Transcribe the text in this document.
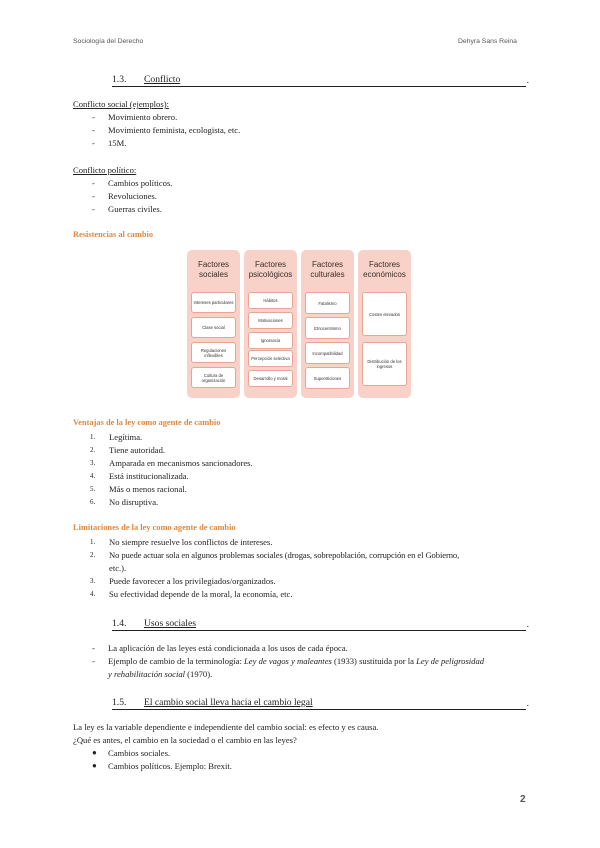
Sociología del Derecho	Dehyra Sans Reina
1.3. Conflicto	.
Conflicto social (ejemplos):
-	Movimiento obrero.
-	Movimiento feminista, ecologista, etc.
-	15M.
Conflicto político:
-	Cambios políticos.
-	Revoluciones.
-	Guerras civiles.
Resistencias al cambio
Factores
sociales
Intereses particulares
Clase social
Regulaciones inflexibles
Cultura de organización
Factores
psicológicos
Hábitos
Motivaciones
Ignorancia
Percepción selectiva
Desarrollo y moral
Factores
culturales
Fatalismo
Etnocentrismo
Incompatibilidad
Supersticiones
Factores
económicos
Costes elevados
Distribución de los ingresos
Ventajas de la ley como agente de cambio
1.	Legítima.
2.	Tiene autoridad.
3.	Amparada en mecanismos sancionadores.
4.	Está institucionalizada.
5.	Más o menos racional.
6.	No disruptiva.
Limitaciones de la ley como agente de cambio
1.	No siempre resuelve los conflictos de intereses.
2.	No puede actuar sola en algunos problemas sociales (drogas, sobrepoblación, corrupción en el Gobierno,
etc.).
3.	Puede favorecer a los privilegiados/organizados.
4.	Su efectividad depende de la moral, la economía, etc.
1.4. Usos sociales	.
-	La aplicación de las leyes está condicionada a los usos de cada época.
-	Ejemplo de cambio de la terminología: Ley de vagos y maleantes (1933) sustituida por la Ley de peligrosidad
y rehabilitación social (1970).
1.5. El cambio social lleva hacia el cambio legal	.
La ley es la variable dependiente e independiente del cambio social: es efecto y es causa.
¿Qué es antes, el cambio en la sociedad o el cambio en las leyes?
● Cambios sociales.
● Cambios políticos. Ejemplo: Brexit.
2
